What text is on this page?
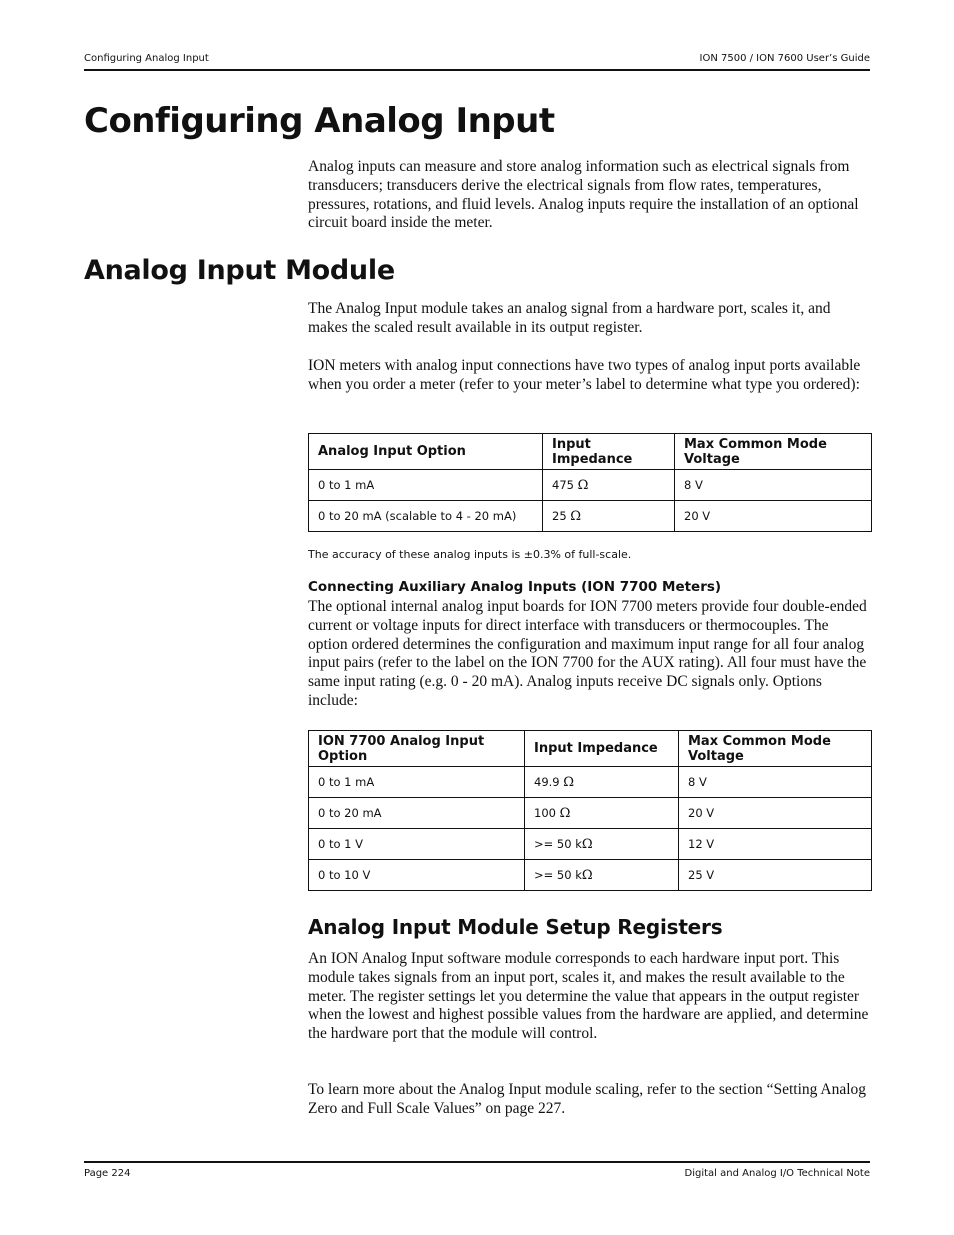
Configuring Analog Input	ION 7500 / ION 7600 User’s Guide
Configuring Analog Input

Analog inputs can measure and store analog information such as electrical signals from transducers; transducers derive the electrical signals from flow rates, temperatures, pressures, rotations, and fluid levels. Analog inputs require the installation of an optional circuit board inside the meter.

Analog Input Module

The Analog Input module takes an analog signal from a hardware port, scales it, and makes the scaled result available in its output register.

ION meters with analog input connections have two types of analog input ports available when you order a meter (refer to your meter’s label to determine what type you ordered):

Analog Input Option	Input Impedance	Max Common Mode Voltage
0 to 1 mA	475 Ω	8 V
0 to 20 mA (scalable to 4 - 20 mA)	25 Ω	20 V
The accuracy of these analog inputs is ±0.3% of full-scale.
Connecting Auxiliary Analog Inputs (ION 7700 Meters)

The optional internal analog input boards for ION 7700 meters provide four double-ended current or voltage inputs for direct interface with transducers or thermocouples. The option ordered determines the configuration and maximum input range for all four analog input pairs (refer to the label on the ION 7700 for the AUX rating). All four must have the same input rating (e.g. 0 - 20 mA). Analog inputs receive DC signals only. Options include:

ION 7700 Analog Input Option	Input Impedance	Max Common Mode Voltage
0 to 1 mA	49.9 Ω	8 V
0 to 20 mA	100 Ω	20 V
0 to 1 V	>= 50 kΩ	12 V
0 to 10 V	>= 50 kΩ	25 V
Analog Input Module Setup Registers

An ION Analog Input software module corresponds to each hardware input port. This module takes signals from an input port, scales it, and makes the result available to the meter. The register settings let you determine the value that appears in the output register when the lowest and highest possible values from the hardware are applied, and determine the hardware port that the module will control.

To learn more about the Analog Input module scaling, refer to the section “Setting Analog Zero and Full Scale Values” on page 227.

Page 224	Digital and Analog I/O Technical Note
